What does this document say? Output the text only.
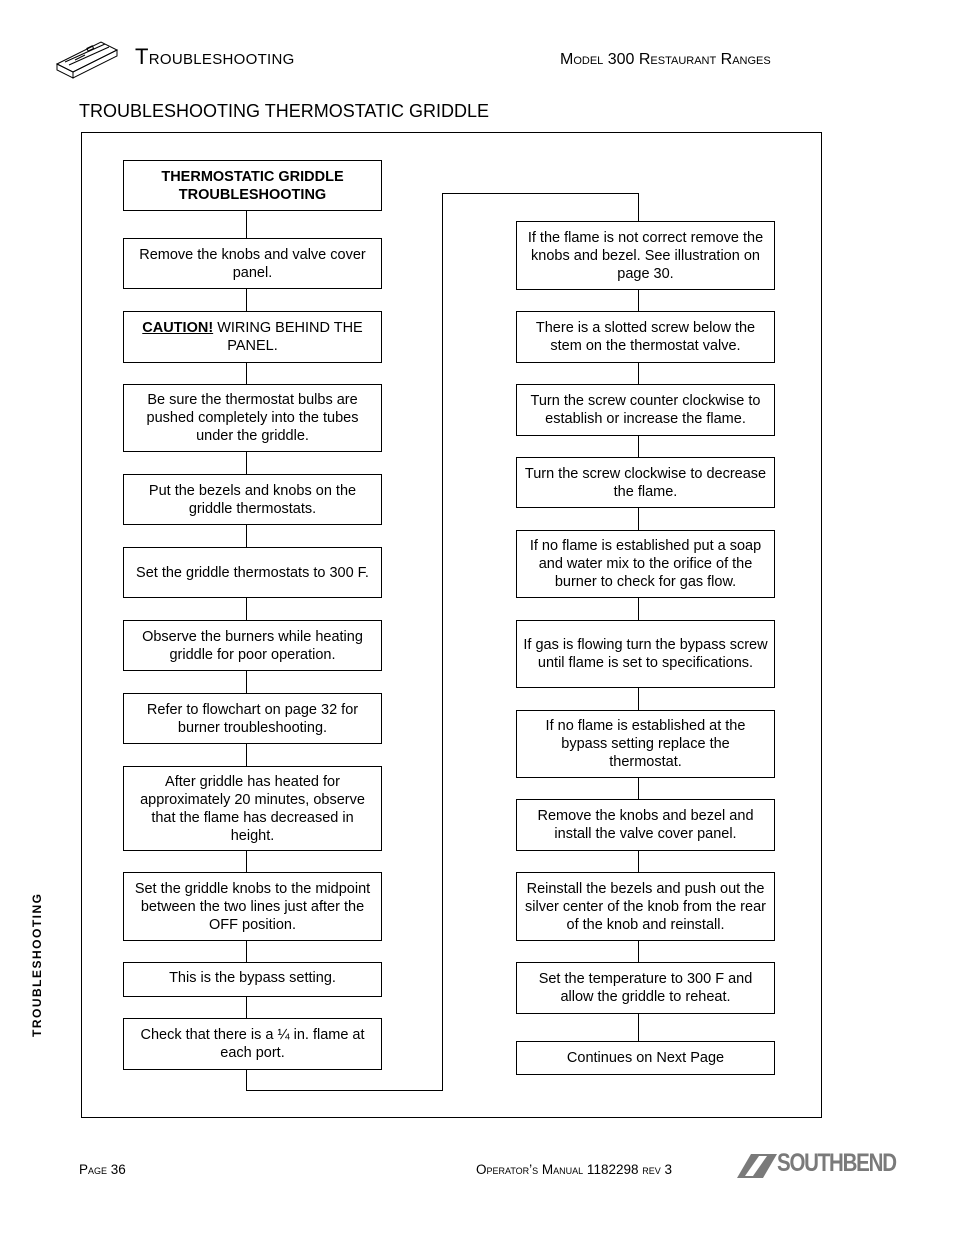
Troubleshooting	Model 300 Restaurant Ranges
TROUBLESHOOTING THERMOSTATIC GRIDDLE
THERMOSTATIC GRIDDLE TROUBLESHOOTING
Remove the knobs and valve cover panel.
CAUTION! WIRING BEHIND THE PANEL.
Be sure the thermostat bulbs are pushed completely into the tubes under the griddle.
Put the bezels and knobs on the griddle thermostats.
Set the griddle thermostats to 300 F.
Observe the burners while heating griddle for poor operation.
Refer to flowchart on page 32 for burner troubleshooting.
After griddle has heated for approximately 20 minutes, observe that the flame has decreased in height.
Set the griddle knobs to the midpoint between the two lines just after the OFF position.
This is the bypass setting.
Check that there is a ¼ in. flame at each port.
If the flame is not correct remove the knobs and bezel. See illustration on page 30.
There is a slotted screw below the stem on the thermostat valve.
Turn the screw counter clockwise to establish or increase the flame.
Turn the screw clockwise to decrease the flame.
If no flame is established put a soap and water mix to the orifice of the burner to check for gas flow.
If gas is flowing turn the bypass screw until flame is set to specifications.
If no flame is established at the bypass setting replace the thermostat.
Remove the knobs and bezel and install the valve cover panel.
Reinstall the bezels and push out the silver center of the knob from the rear of the knob and reinstall.
Set the temperature to 300 F and allow the griddle to reheat.
Continues on Next Page
TROUBLESHOOTING
Page 36	Operator’s Manual 1182298 rev 3	SOUTHBEND
